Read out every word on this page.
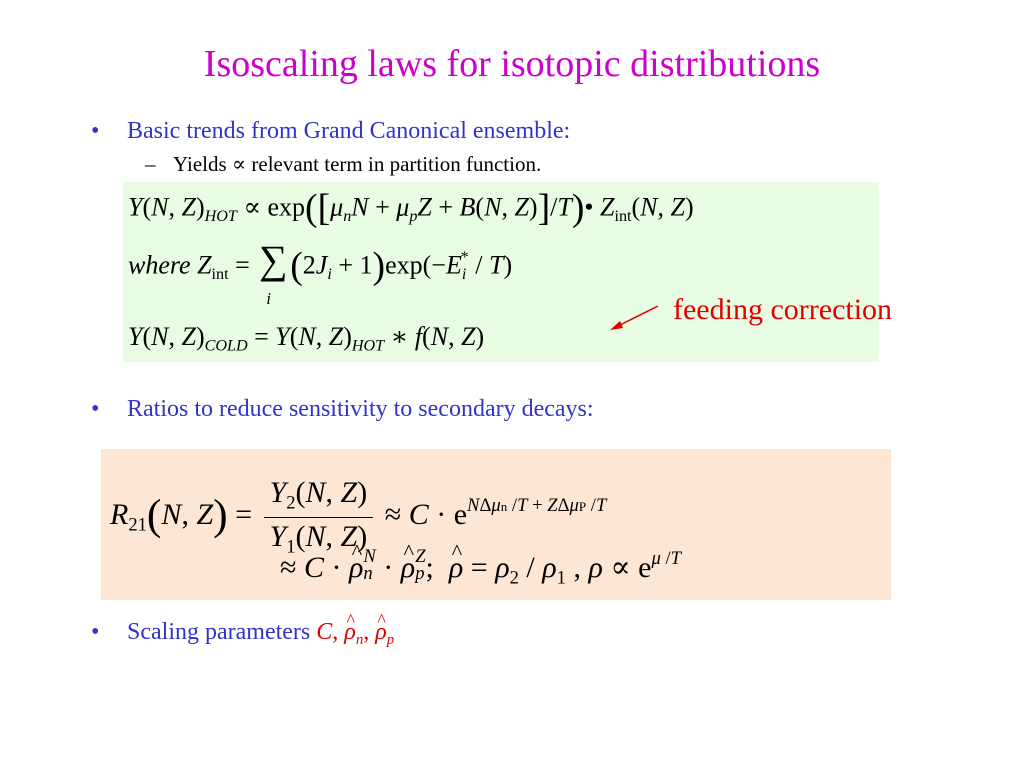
Isoscaling laws for isotopic distributions
• Basic trends from Grand Canonical ensemble:
– Yields ∝ relevant term in partition function.
Y(N, $Z)_{HOT} \propto \exp([\mu_nN + \mu_pZ + B(N$, Z)]/T)• $Z_{int}(N$, Z)
where $Z_{int}$ = ∑
i
$(2J_i + 1)\exp(-E_i^* / T)$
Y(N, $Z)_{COLD} = Y(N$, $Z)_{HOT}$ ∗ f(N, Z)
feeding correction
• Ratios to reduce sensitivity to secondary decays:
$R_{21}(N$, $Z) = \frac{Y_2(N, Z)}{Y_1(N, Z)} \approx C \cdot e^{N\Delta\mu n /T + Z\Delta\mu P /T}$
≈ C · ^ ρ N
n · ^ ρ Z
p ;  ^ $\rho = \rho_2 / \rho_1$ , $\rho \propto e^{\mu /T}$
• Scaling parameters C, ^ $\rho_n$, ^ $\rho_p$
